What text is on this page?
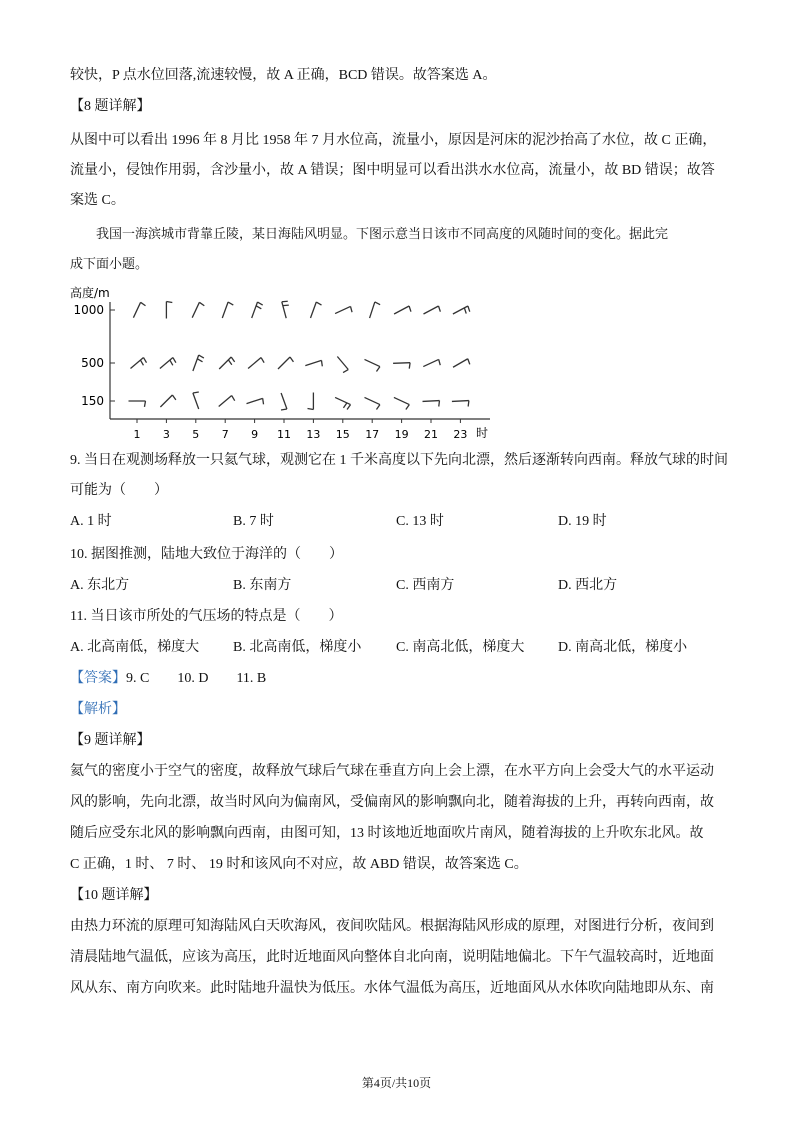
较快，P 点水位回落,流速较慢，故 A 正确，BCD 错误。故答案选 A。
【8 题详解】
从图中可以看出 1996 年 8 月比 1958 年 7 月水位高，流量小，原因是河床的泥沙抬高了水位，故 C 正确，
流量小，侵蚀作用弱，含沙量小，故 A 错误；图中明显可以看出洪水水位高，流量小，故 BD 错误；故答
案选 C。
　　我国一海滨城市背靠丘陵，某日海陆风明显。下图示意当日该市不同高度的风随时间的变化。据此完
成下面小题。
高度/m
1000
500
150
1 3 5 7 9 11 13 15 17 19 21 23 时
9. 当日在观测场释放一只氦气球，观测它在 1 千米高度以下先向北漂，然后逐渐转向西南。释放气球的时间
可能为（　　）
A. 1 时	B. 7 时	C. 13 时	D. 19 时
10. 据图推测，陆地大致位于海洋的（　　）
A. 东北方	B. 东南方	C. 西南方	D. 西北方
11. 当日该市所处的气压场的特点是（　　）
A. 北高南低，梯度大 B. 北高南低，梯度小 C. 南高北低，梯度大 D. 南高北低，梯度小
【答案】9. C　　10. D　　11. B
【解析】
【9 题详解】
氦气的密度小于空气的密度，故释放气球后气球在垂直方向上会上漂，在水平方向上会受大气的水平运动
风的影响，先向北漂，故当时风向为偏南风，受偏南风的影响飘向北，随着海拔的上升，再转向西南，故
随后应受东北风的影响飘向西南，由图可知，13 时该地近地面吹片南风，随着海拔的上升吹东北风。故
C 正确，1 时、 7 时、 19 时和该风向不对应，故 ABD 错误，故答案选 C。
【10 题详解】
由热力环流的原理可知海陆风白天吹海风，夜间吹陆风。根据海陆风形成的原理，对图进行分析，夜间到
清晨陆地气温低，应该为高压，此时近地面风向整体自北向南，说明陆地偏北。下午气温较高时，近地面
风从东、南方向吹来。此时陆地升温快为低压。水体气温低为高压，近地面风从水体吹向陆地即从东、南
第4页/共10页
